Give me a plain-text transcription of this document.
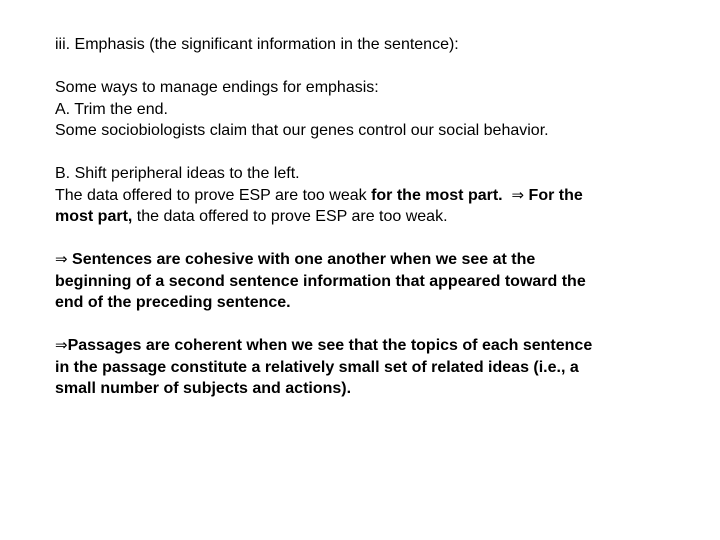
iii. Emphasis (the significant information in the sentence):

Some ways to manage endings for emphasis:

A. Trim the end.

Some sociobiologists claim that our genes control our social behavior.

B. Shift peripheral ideas to the left.

The data offered to prove ESP are too weak for the most part. ⇒ For the

most part, the data offered to prove ESP are too weak.

⇒ Sentences are cohesive with one another when we see at the

beginning of a second sentence information that appeared toward the

end of the preceding sentence.

⇒Passages are coherent when we see that the topics of each sentence

in the passage constitute a relatively small set of related ideas (i.e., a

small number of subjects and actions).
